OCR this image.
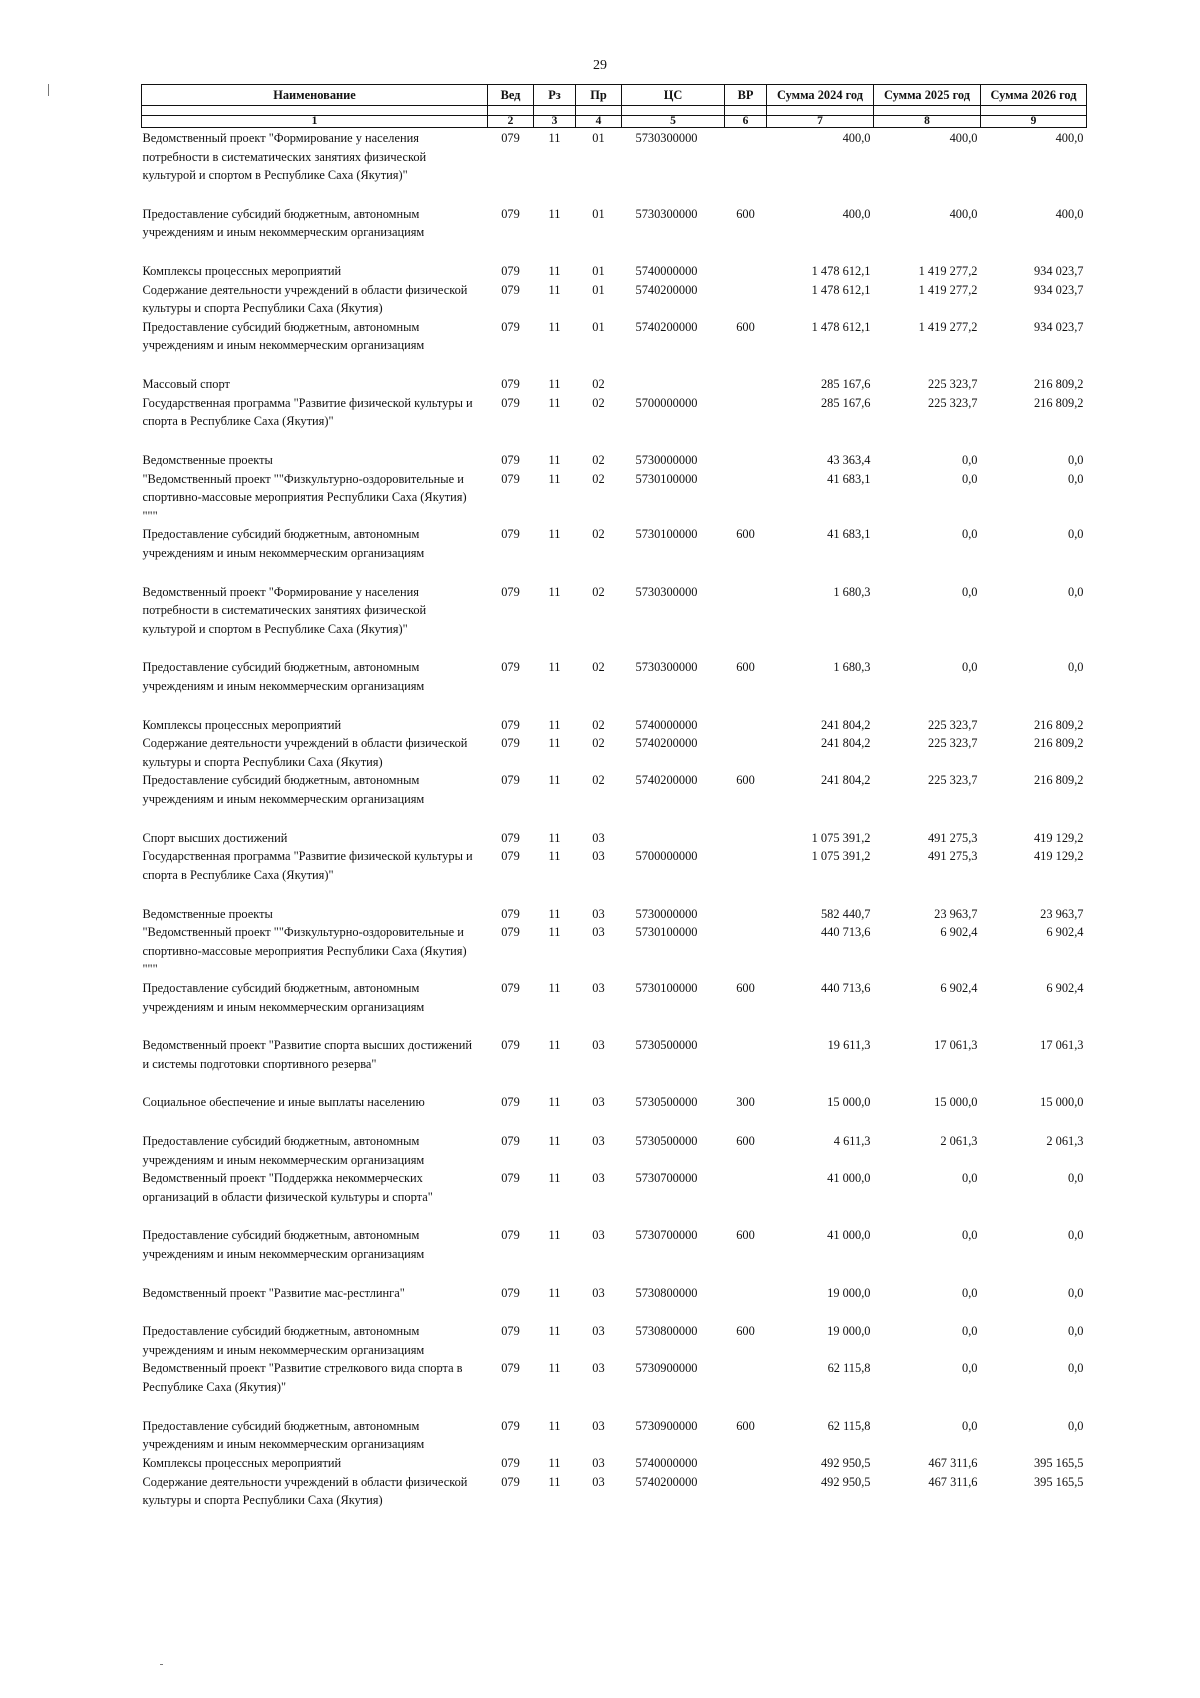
29
Наименование	Вед	Рз	Пр	ЦС	ВР	Сумма 2024 год	Сумма 2025 год	Сумма 2026 год

1	2	3	4	5	6	7	8	9
Ведомственный проект "Формирование у населения потребности в систематических занятиях физической культурой и спортом в Республике Саха (Якутия)"	079	11	01	5730300000		400,0	400,0	400,0

Предоставление субсидий бюджетным, автономным учреждениям и иным некоммерческим организациям	079	11	01	5730300000	600	400,0	400,0	400,0

Комплексы процессных мероприятий	079	11	01	5740000000		1 478 612,1	1 419 277,2	934 023,7
Содержание деятельности учреждений в области физической культуры и спорта Республики Саха (Якутия)	079	11	01	5740200000		1 478 612,1	1 419 277,2	934 023,7
Предоставление субсидий бюджетным, автономным учреждениям и иным некоммерческим организациям	079	11	01	5740200000	600	1 478 612,1	1 419 277,2	934 023,7

Массовый спорт	079	11	02			285 167,6	225 323,7	216 809,2
Государственная программа "Развитие физической культуры и спорта в Республике Саха (Якутия)"	079	11	02	5700000000		285 167,6	225 323,7	216 809,2

Ведомственные проекты	079	11	02	5730000000		43 363,4	0,0	0,0
"Ведомственный проект ""Физкультурно-оздоровительные и спортивно-массовые мероприятия Республики Саха (Якутия) """	079	11	02	5730100000		41 683,1	0,0	0,0
Предоставление субсидий бюджетным, автономным учреждениям и иным некоммерческим организациям	079	11	02	5730100000	600	41 683,1	0,0	0,0

Ведомственный проект "Формирование у населения потребности в систематических занятиях физической культурой и спортом в Республике Саха (Якутия)"	079	11	02	5730300000		1 680,3	0,0	0,0

Предоставление субсидий бюджетным, автономным учреждениям и иным некоммерческим организациям	079	11	02	5730300000	600	1 680,3	0,0	0,0

Комплексы процессных мероприятий	079	11	02	5740000000		241 804,2	225 323,7	216 809,2
Содержание деятельности учреждений в области физической культуры и спорта Республики Саха (Якутия)	079	11	02	5740200000		241 804,2	225 323,7	216 809,2
Предоставление субсидий бюджетным, автономным учреждениям и иным некоммерческим организациям	079	11	02	5740200000	600	241 804,2	225 323,7	216 809,2

Спорт высших достижений	079	11	03			1 075 391,2	491 275,3	419 129,2
Государственная программа "Развитие физической культуры и спорта в Республике Саха (Якутия)"	079	11	03	5700000000		1 075 391,2	491 275,3	419 129,2

Ведомственные проекты	079	11	03	5730000000		582 440,7	23 963,7	23 963,7
"Ведомственный проект ""Физкультурно-оздоровительные и спортивно-массовые мероприятия Республики Саха (Якутия) """	079	11	03	5730100000		440 713,6	6 902,4	6 902,4
Предоставление субсидий бюджетным, автономным учреждениям и иным некоммерческим организациям	079	11	03	5730100000	600	440 713,6	6 902,4	6 902,4

Ведомственный проект "Развитие спорта высших достижений и системы подготовки спортивного резерва"	079	11	03	5730500000		19 611,3	17 061,3	17 061,3

Социальное обеспечение и иные выплаты населению	079	11	03	5730500000	300	15 000,0	15 000,0	15 000,0

Предоставление субсидий бюджетным, автономным учреждениям и иным некоммерческим организациям	079	11	03	5730500000	600	4 611,3	2 061,3	2 061,3
Ведомственный проект "Поддержка некоммерческих организаций в области физической культуры и спорта"	079	11	03	5730700000		41 000,0	0,0	0,0

Предоставление субсидий бюджетным, автономным учреждениям и иным некоммерческим организациям	079	11	03	5730700000	600	41 000,0	0,0	0,0

Ведомственный проект "Развитие мас-рестлинга"	079	11	03	5730800000		19 000,0	0,0	0,0

Предоставление субсидий бюджетным, автономным учреждениям и иным некоммерческим организациям	079	11	03	5730800000	600	19 000,0	0,0	0,0
Ведомственный проект "Развитие стрелкового вида спорта в Республике Саха (Якутия)"	079	11	03	5730900000		62 115,8	0,0	0,0

Предоставление субсидий бюджетным, автономным учреждениям и иным некоммерческим организациям	079	11	03	5730900000	600	62 115,8	0,0	0,0
Комплексы процессных мероприятий	079	11	03	5740000000		492 950,5	467 311,6	395 165,5
Содержание деятельности учреждений в области физической культуры и спорта Республики Саха (Якутия)	079	11	03	5740200000		492 950,5	467 311,6	395 165,5
